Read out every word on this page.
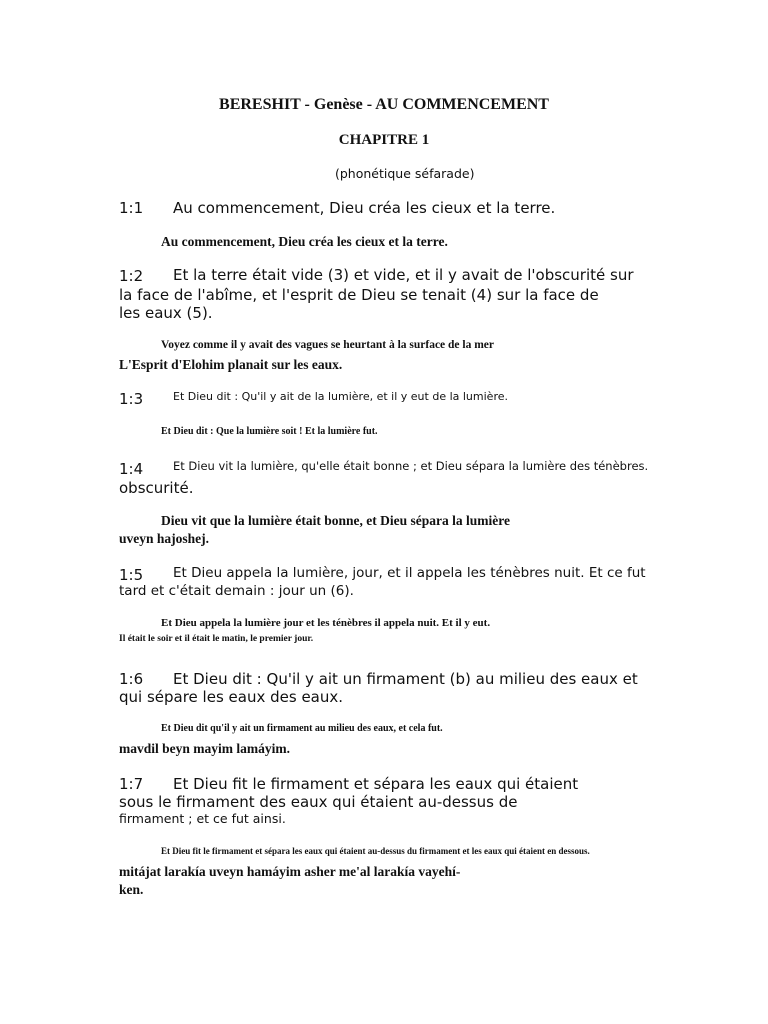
BERESHIT - Genèse - AU COMMENCEMENT
CHAPITRE 1
(phonétique séfarade)
1:1 Au commencement, Dieu créa les cieux et la terre.
Au commencement, Dieu créa les cieux et la terre.
1:2 Et la terre était vide (3) et vide, et il y avait de l'obscurité sur
la face de l'abîme, et l'esprit de Dieu se tenait (4) sur la face de
les eaux (5).
Voyez comme il y avait des vagues se heurtant à la surface de la mer
L'Esprit d'Elohim planait sur les eaux.
1:3	Et Dieu dit : Qu'il y ait de la lumière, et il y eut de la lumière.
Et Dieu dit : Que la lumière soit ! Et la lumière fut.
1:4	Et Dieu vit la lumière, qu'elle était bonne ; et Dieu sépara la lumière des ténèbres.
obscurité.
Dieu vit que la lumière était bonne, et Dieu sépara la lumière
uveyn hajoshej.
1:5 Et Dieu appela la lumière, jour, et il appela les ténèbres nuit. Et ce fut
tard et c'était demain : jour un (6).
Et Dieu appela la lumière jour et les ténèbres il appela nuit. Et il y eut.
Il était le soir et il était le matin, le premier jour.
1:6 Et Dieu dit : Qu'il y ait un firmament (b) au milieu des eaux et
qui sépare les eaux des eaux.
Et Dieu dit qu'il y ait un firmament au milieu des eaux, et cela fut.
mavdil beyn mayim lamáyim.
1:7 Et Dieu fit le firmament et sépara les eaux qui étaient
sous le firmament des eaux qui étaient au-dessus de
firmament ; et ce fut ainsi.
Et Dieu fit le firmament et sépara les eaux qui étaient au-dessus du firmament et les eaux qui étaient en dessous.
mitájat larakía uveyn hamáyim asher me'al larakía vayehí-
ken.
